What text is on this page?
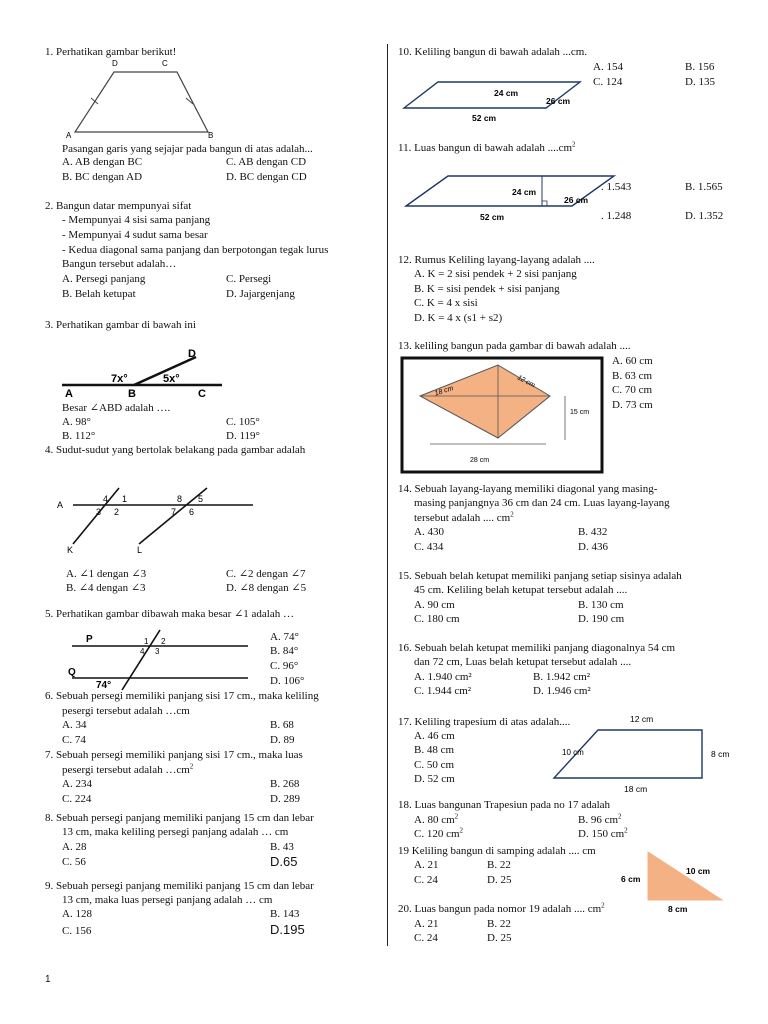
1. Perhatikan gambar berikut!
A	B
C
D
Pasangan garis yang sejajar pada bangun di atas adalah...
A. AB dengan BC	C. AB dengan CD
B. BC dengan AD	D. BC dengan CD
2. Bangun datar mempunyai sifat
- Mempunyai 4 sisi sama panjang
- Mempunyai 4 sudut sama besar
- Kedua diagonal sama panjang dan berpotongan tegak lurus
Bangun tersebut adalah…
A. Persegi panjang	C. Persegi
B. Belah ketupat	D. Jajargenjang
3. Perhatikan gambar di bawah ini
D
7x°	5x°
A	B	C
Besar ∠ABD adalah ….
A. 98°	C. 105°
B. 112°	D. 119°
4. Sudut-sudut yang bertolak belakang pada gambar adalah
A
K	L
4 1
3 2
8 5
7 6
A. ∠1 dengan ∠3	C. ∠2 dengan ∠7
B. ∠4 dengan ∠3	D. ∠8 dengan ∠5
5. Perhatikan gambar dibawah maka besar ∠1 adalah …
P
Q
1 2
4 3
74°
A. 74°
B. 84°
C. 96°
D. 106°
6. Sebuah persegi memiliki panjang sisi 17 cm., maka keliling
pesergi tersebut adalah …cm
A. 34	B. 68
C. 74	D. 89
7. Sebuah persegi memiliki panjang sisi 17 cm., maka luas
pesergi tersebut adalah $\dots cm^2$
A. 234	B. 268
C. 224	D. 289
8. Sebuah persegi panjang memiliki panjang 15 cm dan lebar
13 cm, maka keliling persegi panjang adalah … cm
A. 28	B. 43
C. 56	D.65
9. Sebuah persegi panjang memiliki panjang 15 cm dan lebar
13 cm, maka luas persegi panjang adalah … cm
A. 128	B. 143
C. 156	D.195
10. Keliling bangun di bawah adalah ...cm.
A. 154	B. 156
C. 124	D. 135
24 cm
26 cm
52 cm
11. Luas bangun di bawah adalah $....cm^2$
24 cm
26 cm
52 cm
. 1.543	B. 1.565
. 1.248	D. 1.352
12. Rumus Keliling layang-layang adalah ....
A. K = 2 sisi pendek + 2 sisi panjang
B. K = sisi pendek + sisi panjang
C. K = 4 x sisi
D. K = 4 x (s1 + s2)
13. keliling bangun pada gambar di bawah adalah ....
A. 60 cm
B. 63 cm
C. 70 cm
D. 73 cm
18 cm
12 cm
15 cm
28 cm
14. Sebuah layang-layang memiliki diagonal yang masing-
masing panjangnya 36 cm dan 24 cm. Luas layang-layang
tersebut adalah .... $cm^2$
A. 430	B. 432
C. 434	D. 436
15. Sebuah belah ketupat memiliki panjang setiap sisinya adalah
45 cm. Keliling belah ketupat tersebut adalah ....
A. 90 cm	B. 130 cm
C. 180 cm	D. 190 cm
16. Sebuah belah ketupat memiliki panjang diagonalnya 54 cm
dan 72 cm, Luas belah ketupat tersebut adalah ....
A. 1.940 cm²	B. 1.942 cm²
C. 1.944 cm²	D. 1.946 cm²
17. Keliling trapesium di atas adalah....
A. 46 cm
B. 48 cm
C. 50 cm
D. 52 cm
12 cm
10 cm	8 cm
18 cm
18. Luas bangunan Trapesiun pada no 17 adalah
A. 80 $cm^2$	B. 96 $cm^2$
C. 120 $cm^2$	D. 150 $cm^2$
19 Keliling bangun di samping adalah .... cm
A. 21	B. 22
C. 24	D. 25
10 cm
6 cm
8 cm
20. Luas bangun pada nomor 19 adalah .... $cm^2$
A. 21	B. 22
C. 24	D. 25
1
